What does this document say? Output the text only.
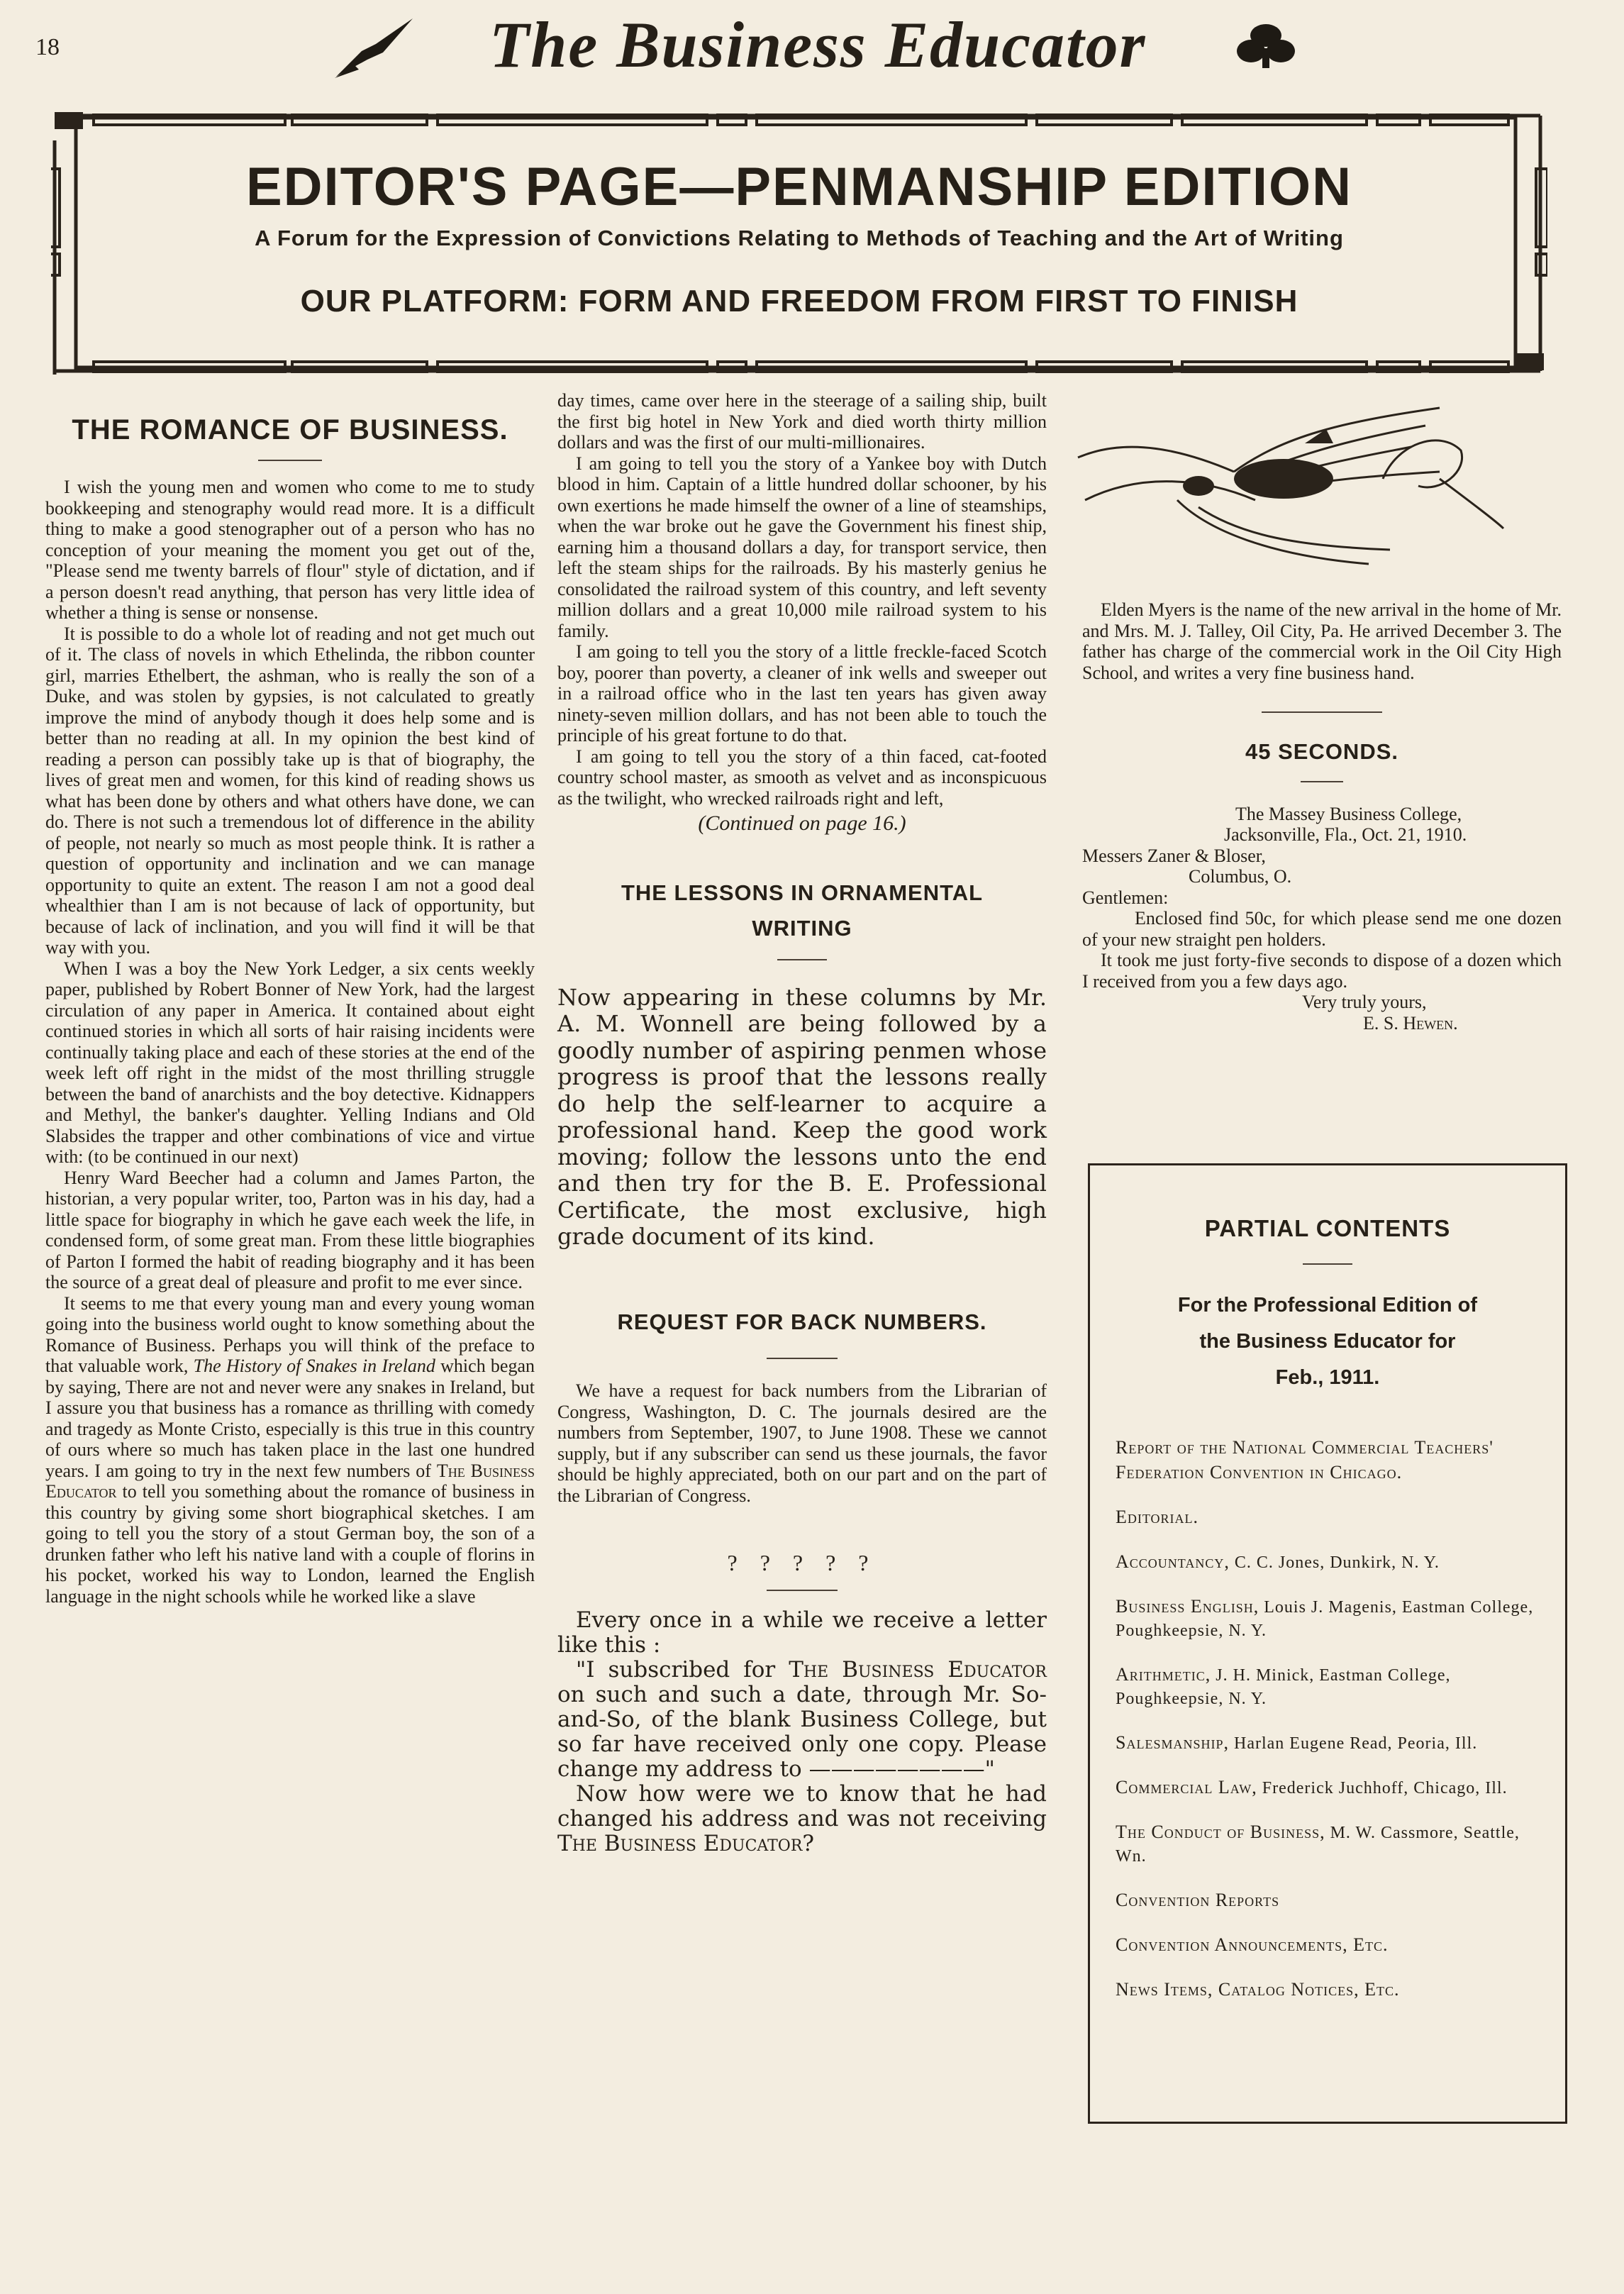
18	The Business Educator
EDITOR'S PAGE—PENMANSHIP EDITION
A Forum for the Expression of Convictions Relating to Methods of Teaching and the Art of Writing
OUR PLATFORM: FORM AND FREEDOM FROM FIRST TO FINISH
THE ROMANCE OF BUSINESS.

I wish the young men and women who come to me to study bookkeeping and stenography would read more. It is a difficult thing to make a good stenographer out of a person who has no conception of your meaning the moment you get out of the, "Please send me twenty barrels of flour" style of dictation, and if a person doesn't read anything, that person has very little idea of whether a thing is sense or nonsense.

It is possible to do a whole lot of reading and not get much out of it. The class of novels in which Ethelinda, the ribbon counter girl, marries Ethelbert, the ashman, who is really the son of a Duke, and was stolen by gypsies, is not calculated to greatly improve the mind of anybody though it does help some and is better than no reading at all. In my opinion the best kind of reading a person can possibly take up is that of biography, the lives of great men and women, for this kind of reading shows us what has been done by others and what others have done, we can do. There is not such a tremendous lot of difference in the ability of people, not nearly so much as most people think. It is rather a question of opportunity and inclination and we can manage opportunity to quite an extent. The reason I am not a good deal whealthier than I am is not because of lack of opportunity, but because of lack of inclination, and you will find it will be that way with you.

When I was a boy the New York Ledger, a six cents weekly paper, published by Robert Bonner of New York, had the largest circulation of any paper in America. It contained about eight continued stories in which all sorts of hair raising incidents were continually taking place and each of these stories at the end of the week left off right in the midst of the most thrilling struggle between the band of anarchists and the boy detective. Kidnappers and Methyl, the banker's daughter. Yelling Indians and Old Slabsides the trapper and other combinations of vice and virtue with: (to be continued in our next)

Henry Ward Beecher had a column and James Parton, the historian, a very popular writer, too, Parton was in his day, had a little space for biography in which he gave each week the life, in condensed form, of some great man. From these little biographies of Parton I formed the habit of reading biography and it has been the source of a great deal of pleasure and profit to me ever since.

It seems to me that every young man and every young woman going into the business world ought to know something about the Romance of Business. Perhaps you will think of the preface to that valuable work, The History of Snakes in Ireland which began by saying, There are not and never were any snakes in Ireland, but I assure you that business has a romance as thrilling with comedy and tragedy as Monte Cristo, especially is this true in this country of ours where so much has taken place in the last one hundred years. I am going to try in the next few numbers of The Business Educator to tell you something about the romance of business in this country by giving some short biographical sketches. I am going to tell you the story of a stout German boy, the son of a drunken father who left his native land with a couple of florins in his pocket, worked his way to London, learned the English language in the night schools while he worked like a slave

day times, came over here in the steerage of a sailing ship, built the first big hotel in New York and died worth thirty million dollars and was the first of our multi-millionaires.

I am going to tell you the story of a Yankee boy with Dutch blood in him. Captain of a little hundred dollar schooner, by his own exertions he made himself the owner of a line of steamships, when the war broke out he gave the Government his finest ship, earning him a thousand dollars a day, for transport service, then left the steam ships for the railroads. By his masterly genius he consolidated the railroad system of this country, and left seventy million dollars and a great 10,000 mile railroad system to his family.

I am going to tell you the story of a little freckle-faced Scotch boy, poorer than poverty, a cleaner of ink wells and sweeper out in a railroad office who in the last ten years has given away ninety-seven million dollars, and has not been able to touch the principle of his great fortune to do that.

I am going to tell you the story of a thin faced, cat-footed country school master, as smooth as velvet and as inconspicuous as the twilight, who wrecked railroads right and left,

(Continued on page 16.)
THE LESSONS IN ORNAMENTAL
WRITING
Now appearing in these columns by Mr. A. M. Wonnell are being followed by a goodly number of aspiring penmen whose progress is proof that the lessons really do help the self-learner to acquire a professional hand. Keep the good work moving; follow the lessons unto the end and then try for the B. E. Professional Certificate, the most exclusive, high grade document of its kind.
REQUEST FOR BACK NUMBERS.

We have a request for back numbers from the Librarian of Congress, Washington, D. C. The journals desired are the numbers from September, 1907, to June 1908. These we cannot supply, but if any subscriber can send us these journals, the favor should be highly appreciated, both on our part and on the part of the Librarian of Congress.

? ? ? ? ?

Every once in a while we receive a letter like this :

"I subscribed for The Business Educator on such and such a date, through Mr. So-and-So, of the blank Business College, but so far have received only one copy. Please change my address to ————————"

Now how were we to know that he had changed his address and was not receiving The Business Educator?

Elden Myers is the name of the new arrival in the home of Mr. and Mrs. M. J. Talley, Oil City, Pa. He arrived December 3. The father has charge of the commercial work in the Oil City High School, and writes a very fine business hand.

45 SECONDS.
The Massey Business College,
Jacksonville, Fla., Oct. 21, 1910.
Messers Zaner & Bloser,
Columbus, O.
Gentlemen:

Enclosed find 50c, for which please send me one dozen of your new straight pen holders.

It took me just forty-five seconds to dispose of a dozen which I received from you a few days ago.

Very truly yours,
E. S. Hewen.
PARTIAL CONTENTS
For the Professional Edition of
the Business Educator for
Feb., 1911.
Report of the National Commercial Teachers' Federation Convention in Chicago.
Editorial.
Accountancy, C. C. Jones, Dunkirk, N. Y.
Business English, Louis J. Magenis, Eastman College, Poughkeepsie, N. Y.
Arithmetic, J. H. Minick, Eastman College, Poughkeepsie, N. Y.
Salesmanship, Harlan Eugene Read, Peoria, Ill.
Commercial Law, Frederick Juchhoff, Chicago, Ill.
The Conduct of Business, M. W. Cassmore, Seattle, Wn.
Convention Reports
Convention Announcements, Etc.
News Items, Catalog Notices, Etc.
